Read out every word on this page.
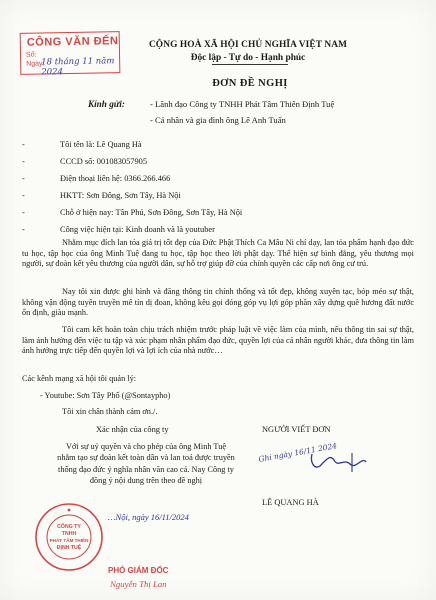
CÔNG VĂN ĐẾN
Số:
Ngày:
18 tháng 11 năm 2024
CỘNG HOÀ XÃ HỘI CHỦ NGHĨA VIỆT NAM
Độc lập - Tự do - Hạnh phúc
ĐƠN ĐỀ NGHỊ
Kính gửi:	- Lãnh đạo Công ty TNHH Phát Tâm Thiên Định Tuệ
- Cá nhân và gia đình ông Lê Anh Tuấn
-	Tôi tên là: Lê Quang Hà
-	CCCD số: 001083057905
-	Điện thoại liên hệ: 0366.266.466
-	HKTT: Sơn Đông, Sơn Tây, Hà Nội
-	Chỗ ở hiện nay: Tân Phú, Sơn Đông, Sơn Tây, Hà Nội
-	Công việc hiện tại: Kinh doanh và là youtuber
Nhằm mục đích lan tỏa giá trị tốt đẹp của Đức Phật Thích Ca Mâu Ni chỉ dạy, lan tỏa phẩm hạnh đạo đức tu học, tập học của ông Minh Tuệ đang tu học, tập học theo lời phật dạy. Thể hiện sự bình đẳng, yêu thương mọi người, sự đoàn kết yêu thương của người dân, sự hỗ trợ giúp đỡ của chính quyền các cấp nơi ông cư trú.
Nay tôi xin được ghi hình và đăng thông tin chính thống và tốt đẹp, không xuyên tạc, bóp méo sự thật, không vận động tuyên truyền mê tín dị đoan, không kêu gọi đóng góp vụ lợi góp phần xây dựng quê hương đất nước ổn định, giàu mạnh.
Tôi cam kết hoàn toàn chịu trách nhiệm trước pháp luật về việc làm của mình, nếu thông tin sai sự thật, làm ảnh hưởng đến việc tu tập và xúc phạm nhân phẩm đạo đức, quyền lợi của cá nhân người khác, đưa thông tin làm ảnh hưởng trực tiếp đến quyền lợi và lợi ích của nhà nước…
Các kênh mạng xã hội tôi quản lý:
- Youtube: Sơn Tây Phố (@Sontaypho)
Tôi xin chân thành cảm ơn./.
Xác nhận của công ty	NGƯỜI VIẾT ĐƠN
Với sự uỷ quyền và cho phép của ông Minh Tuệ nhằm tạo sự đoàn kết toàn dân và lan toả được truyền thống đạo đức ý nghĩa nhân văn cao cả. Nay Công ty đồng ý nội dung trên theo đề nghị
Ghi ngày 16/11 2024
LÊ QUANG HÀ
CÔNG TY
TNHH
PHÁT TÂM THIÊN
ĐỊNH TUỆ
…Nội, ngày 16/11/2024
PHÓ GIÁM ĐỐC
Nguyễn Thị Lan
